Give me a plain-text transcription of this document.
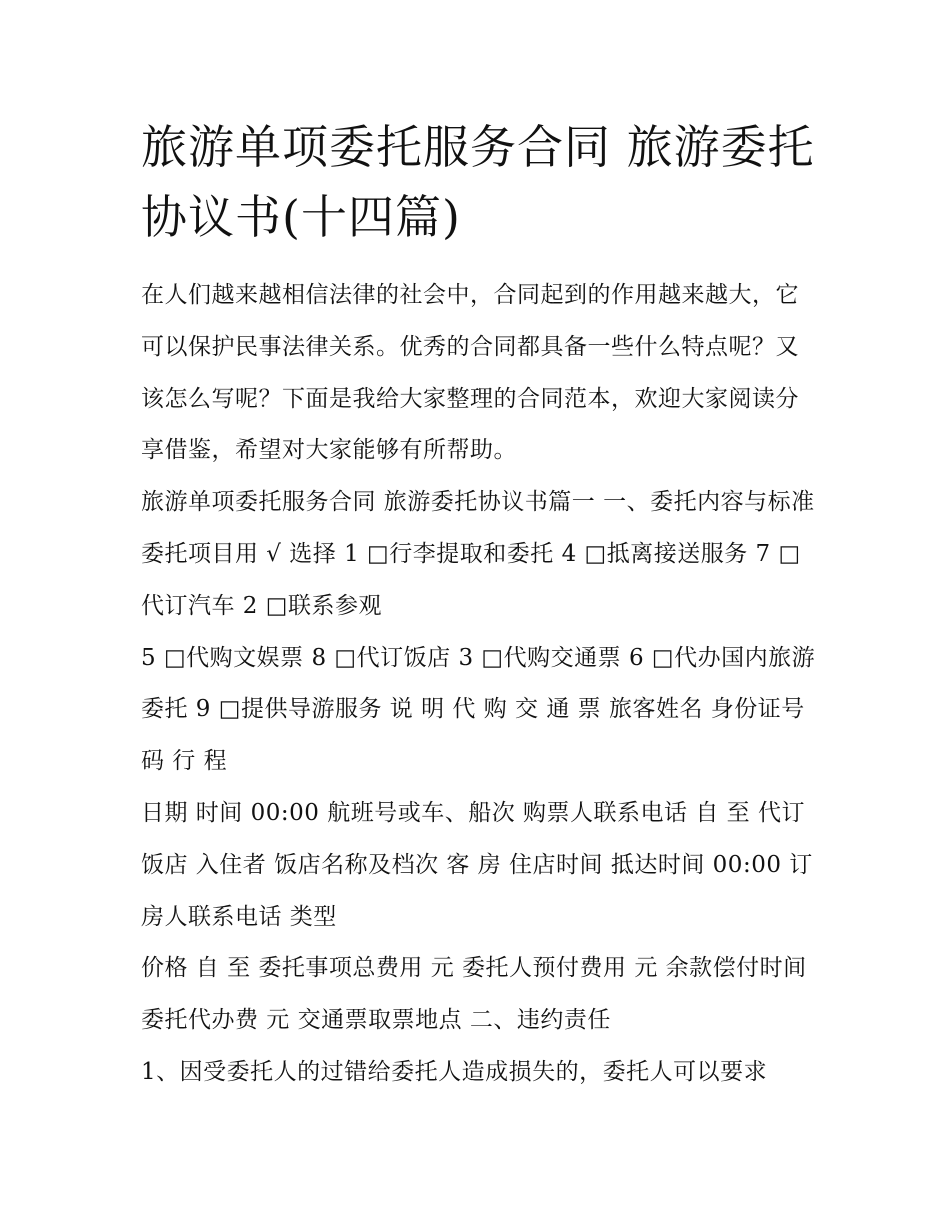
旅游单项委托服务合同 旅游委托协议书(十四篇)

在人们越来越相信法律的社会中，合同起到的作用越来越大，它可以保护民事法律关系。优秀的合同都具备一些什么特点呢？又该怎么写呢？下面是我给大家整理的合同范本，欢迎大家阅读分享借鉴，希望对大家能够有所帮助。

旅游单项委托服务合同 旅游委托协议书篇一 一、委托内容与标准 委托项目用 √ 选择 1 □行李提取和委托 4 □抵离接送服务 7 □代订汽车 2 □联系参观

5 □代购文娱票 8 □代订饭店 3 □代购交通票 6 □代办国内旅游委托 9 □提供导游服务 说 明 代 购 交 通 票 旅客姓名 身份证号码 行 程

日期 时间 00:00 航班号或车、船次 购票人联系电话 自 至 代订饭店 入住者 饭店名称及档次 客 房 住店时间 抵达时间 00:00 订房人联系电话 类型

价格 自 至 委托事项总费用 元 委托人预付费用 元 余款偿付时间 委托代办费 元 交通票取票地点 二、违约责任

1、因受委托人的过错给委托人造成损失的，委托人可以要求
